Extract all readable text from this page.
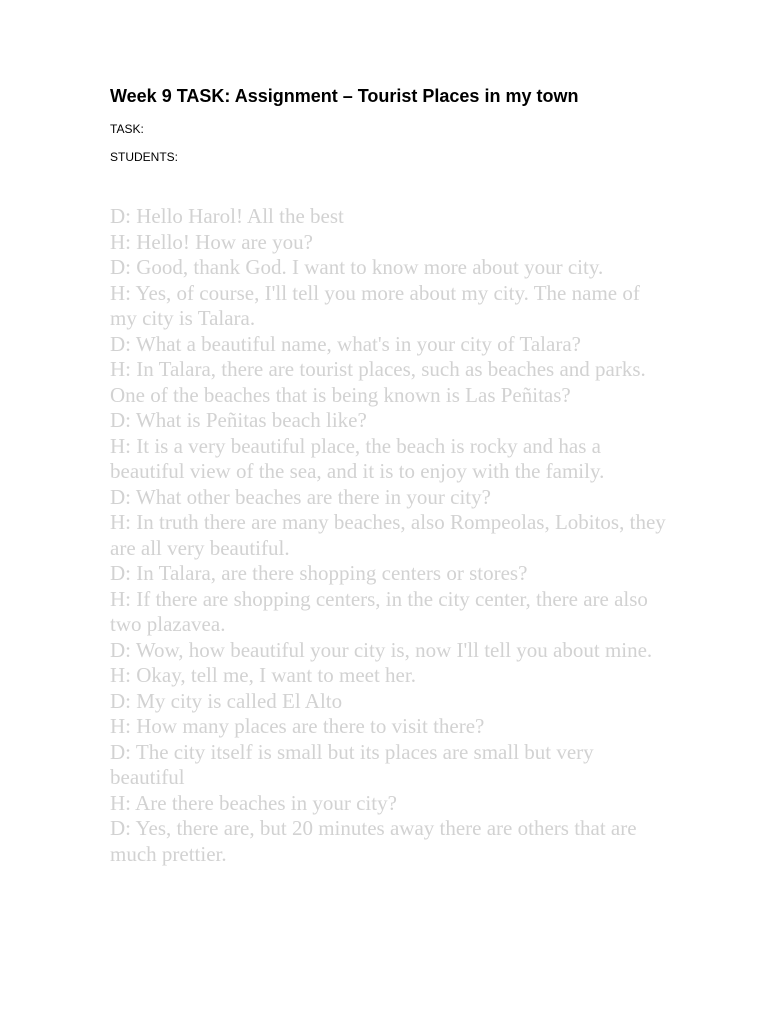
Week 9 TASK: Assignment – Tourist Places in my town

TASK:

STUDENTS:

D: Hello Harol! All the best
H: Hello! How are you?
D: Good, thank God. I want to know more about your city.
H: Yes, of course, I'll tell you more about my city. The name of my city is Talara.
D: What a beautiful name, what's in your city of Talara?
H: In Talara, there are tourist places, such as beaches and parks. One of the beaches that is being known is Las Peñitas?
D: What is Peñitas beach like?
H: It is a very beautiful place, the beach is rocky and has a beautiful view of the sea, and it is to enjoy with the family.
D: What other beaches are there in your city?
H: In truth there are many beaches, also Rompeolas, Lobitos, they are all very beautiful.
D: In Talara, are there shopping centers or stores?
H: If there are shopping centers, in the city center, there are also two plazavea.
D: Wow, how beautiful your city is, now I'll tell you about mine.
H: Okay, tell me, I want to meet her.
D: My city is called El Alto
H: How many places are there to visit there?
D: The city itself is small but its places are small but very beautiful
H: Are there beaches in your city?
D: Yes, there are, but 20 minutes away there are others that are much prettier.
